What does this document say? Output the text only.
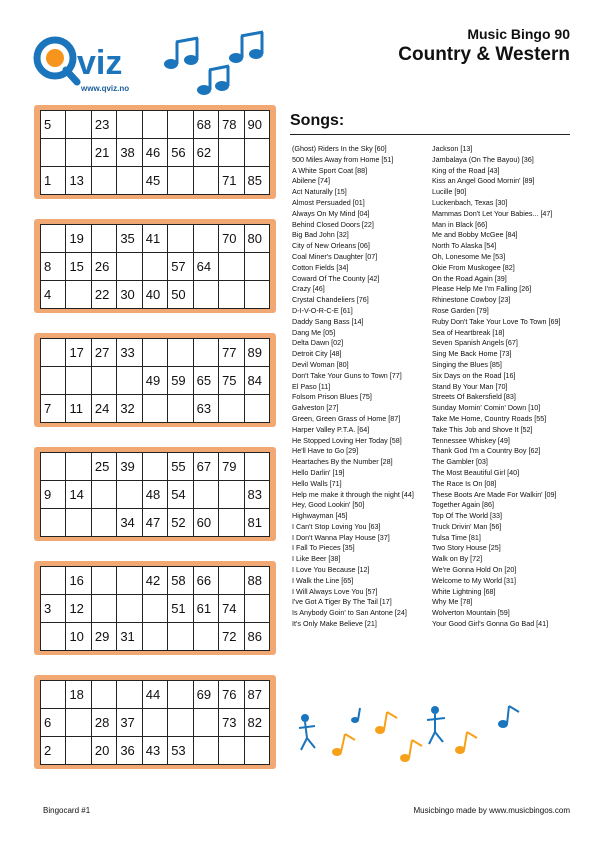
viz
www.qviz.no
Music Bingo 90
Country & Western
5		23				68	78	90
		21	38	46	56	62		
1	13			45			71	85
	19		35	41			70	80
8	15	26			57	64		
4		22	30	40	50			
	17	27	33				77	89
				49	59	65	75	84
7	11	24	32			63		
		25	39		55	67	79	
9	14			48	54			83
			34	47	52	60		81
	16			42	58	66		88
3	12				51	61	74	
	10	29	31				72	86
	18			44		69	76	87
6		28	37				73	82
2		20	36	43	53			
Songs:
(Ghost) Riders In the Sky [60]
500 Miles Away from Home [51]
A White Sport Coat [88]
Abilene [74]
Act Naturally [15]
Almost Persuaded [01]
Always On My Mind [04]
Behind Closed Doors [22]
Big Bad John [32]
City of New Orleans [06]
Coal Miner's Daughter [07]
Cotton Fields [34]
Coward Of The County [42]
Crazy [46]
Crystal Chandeliers [76]
D-I-V-O-R-C-E [61]
Daddy Sang Bass [14]
Dang Me [05]
Delta Dawn [02]
Detroit City [48]
Devil Woman [80]
Don't Take Your Guns to Town [77]
El Paso [11]
Folsom Prison Blues [75]
Galveston [27]
Green, Green Grass of Home [87]
Harper Valley P.T.A. [64]
He Stopped Loving Her Today [58]
He'll Have to Go [29]
Heartaches By the Number [28]
Hello Darlin' [19]
Hello Walls [71]
Help me make it through the night [44]
Hey, Good Lookin' [50]
Highwayman [45]
I Can't Stop Loving You [63]
I Don't Wanna Play House [37]
I Fall To Pieces [35]
I Like Beer [38]
I Love You Because [12]
I Walk the Line [65]
I Will Always Love You [57]
I've Got A Tiger By The Tail [17]
Is Anybody Goin' to San Antone [24]
It's Only Make Believe [21]
Jackson [13]
Jambalaya (On The Bayou) [36]
King of the Road [43]
Kiss an Angel Good Mornin' [89]
Lucille [90]
Luckenbach, Texas [30]
Mammas Don't Let Your Babies... [47]
Man in Black [66]
Me and Bobby McGee [84]
North To Alaska [54]
Oh, Lonesome Me [53]
Okie From Muskogee [82]
On the Road Again [39]
Please Help Me I'm Falling [26]
Rhinestone Cowboy [23]
Rose Garden [79]
Ruby Don't Take Your Love To Town [69]
Sea of Heartbreak [18]
Seven Spanish Angels [67]
Sing Me Back Home [73]
Singing the Blues [85]
Six Days on the Road [16]
Stand By Your Man [70]
Streets Of Bakersfield [83]
Sunday Mornin' Comin' Down [10]
Take Me Home, Country Roads [55]
Take This Job and Shove It [52]
Tennessee Whiskey [49]
Thank God I'm a Country Boy [62]
The Gambler [03]
The Most Beautiful Girl [40]
The Race Is On [08]
These Boots Are Made For Walkin' [09]
Together Again [86]
Top Of The World [33]
Truck Drivin' Man [56]
Tulsa Time [81]
Two Story House [25]
Walk on By [72]
We're Gonna Hold On [20]
Welcome to My World [31]
White Lightning [68]
Why Me [78]
Wolverton Mountain [59]
Your Good Girl's Gonna Go Bad [41]
Bingocard #1	Musicbingo made by www.musicbingos.com
